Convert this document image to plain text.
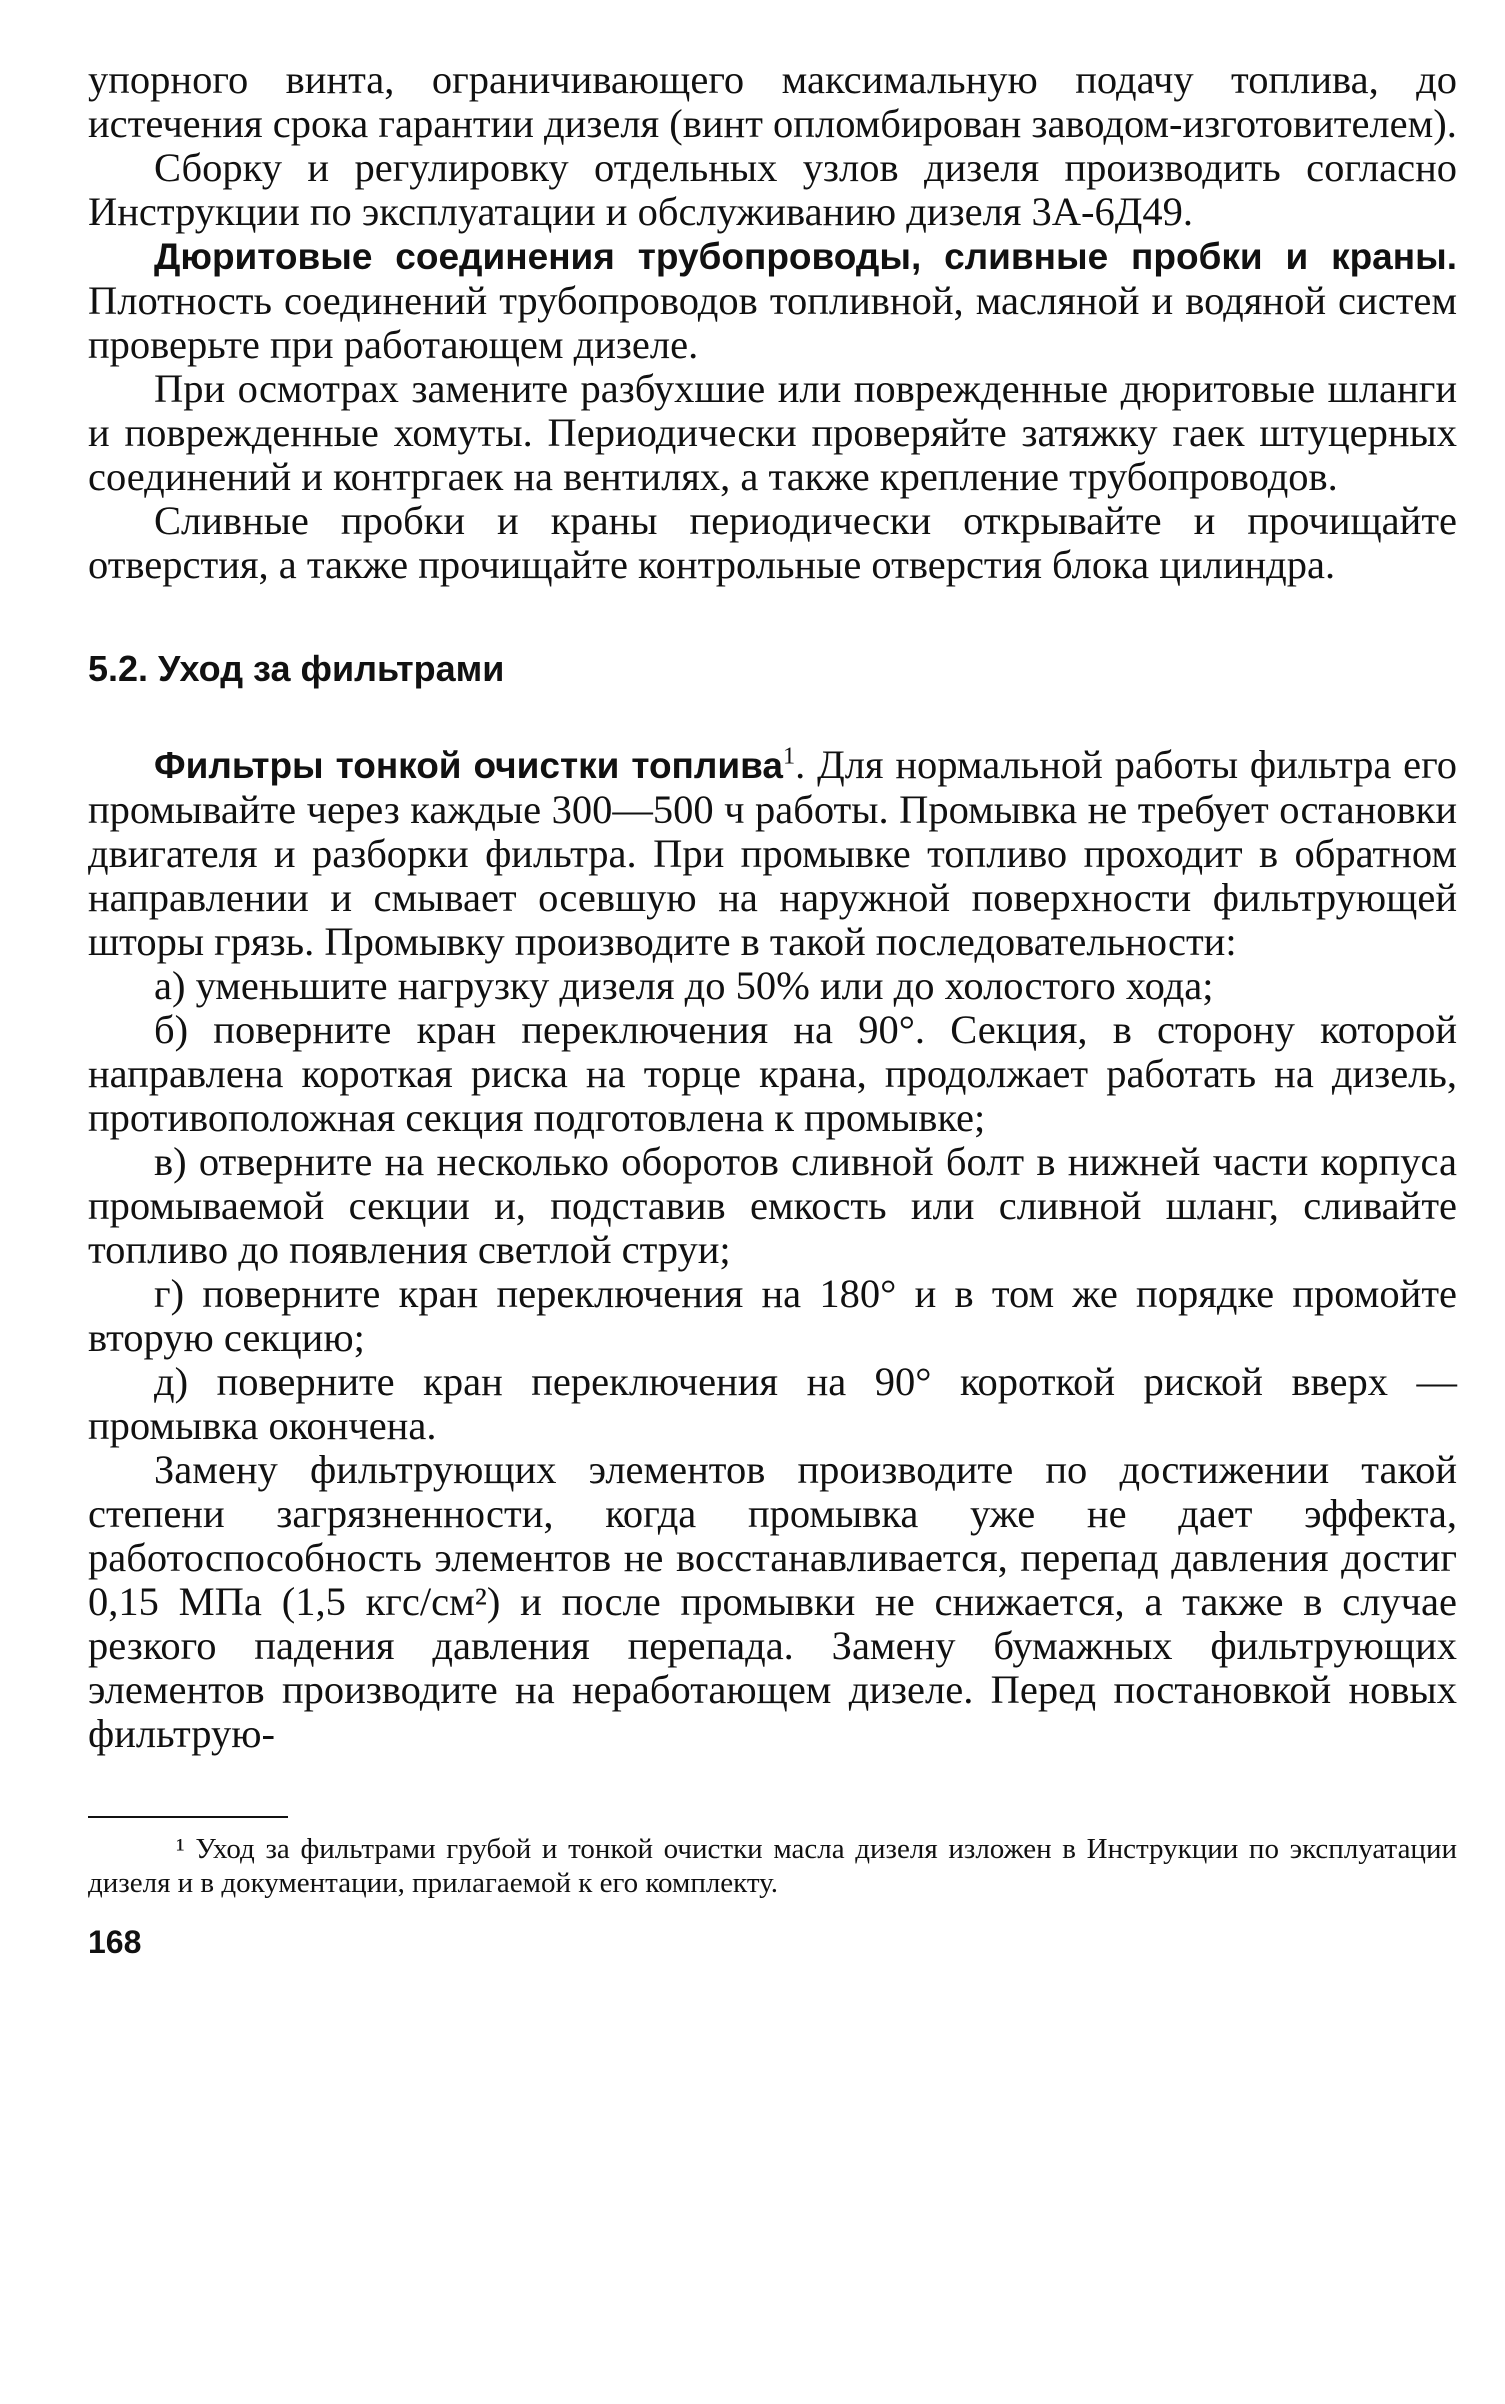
упорного винта, ограничивающего максимальную подачу топлива, до истечения срока гарантии дизеля (винт опломбирован заводом-изготовителем).

Сборку и регулировку отдельных узлов дизеля производить согласно Инструкции по эксплуатации и обслуживанию дизеля 3А-6Д49.

Дюритовые соединения трубопроводы, сливные пробки и краны. Плотность соединений трубопроводов топливной, масляной и водяной систем проверьте при работающем дизеле.

При осмотрах замените разбухшие или поврежденные дюритовые шланги и поврежденные хомуты. Периодически проверяйте затяжку гаек штуцерных соединений и контргаек на вентилях, а также крепление трубопроводов.

Сливные пробки и краны периодически открывайте и прочищайте отверстия, а также прочищайте контрольные отверстия блока цилиндра.

5.2. Уход за фильтрами

Фильтры тонкой очистки топлива$^1$. Для нормальной работы фильтра его промывайте через каждые 300—500 ч работы. Промывка не требует остановки двигателя и разборки фильтра. При промывке топливо проходит в обратном направлении и смывает осевшую на наружной поверхности фильтрующей шторы грязь. Промывку производите в такой последовательности:

а) уменьшите нагрузку дизеля до 50% или до холостого хода;

б) поверните кран переключения на 90°. Секция, в сторону которой направлена короткая риска на торце крана, продолжает работать на дизель, противоположная секция подготовлена к промывке;

в) отверните на несколько оборотов сливной болт в нижней части корпуса промываемой секции и, подставив емкость или сливной шланг, сливайте топливо до появления светлой струи;

г) поверните кран переключения на 180° и в том же порядке промойте вторую секцию;

д) поверните кран переключения на 90° короткой риской вверх — промывка окончена.

Замену фильтрующих элементов производите по достижении такой степени загрязненности, когда промывка уже не дает эффекта, работоспособность элементов не восстанавливается, перепад давления достиг 0,15 МПа (1,5 кгс/см²) и после промывки не снижается, а также в случае резкого падения давления перепада. Замену бумажных фильтрующих элементов производите на неработающем дизеле. Перед постановкой новых фильтрую-

¹ Уход за фильтрами грубой и тонкой очистки масла дизеля изложен в Инструкции по эксплуатации дизеля и в документации, прилагаемой к его комплекту.

168
